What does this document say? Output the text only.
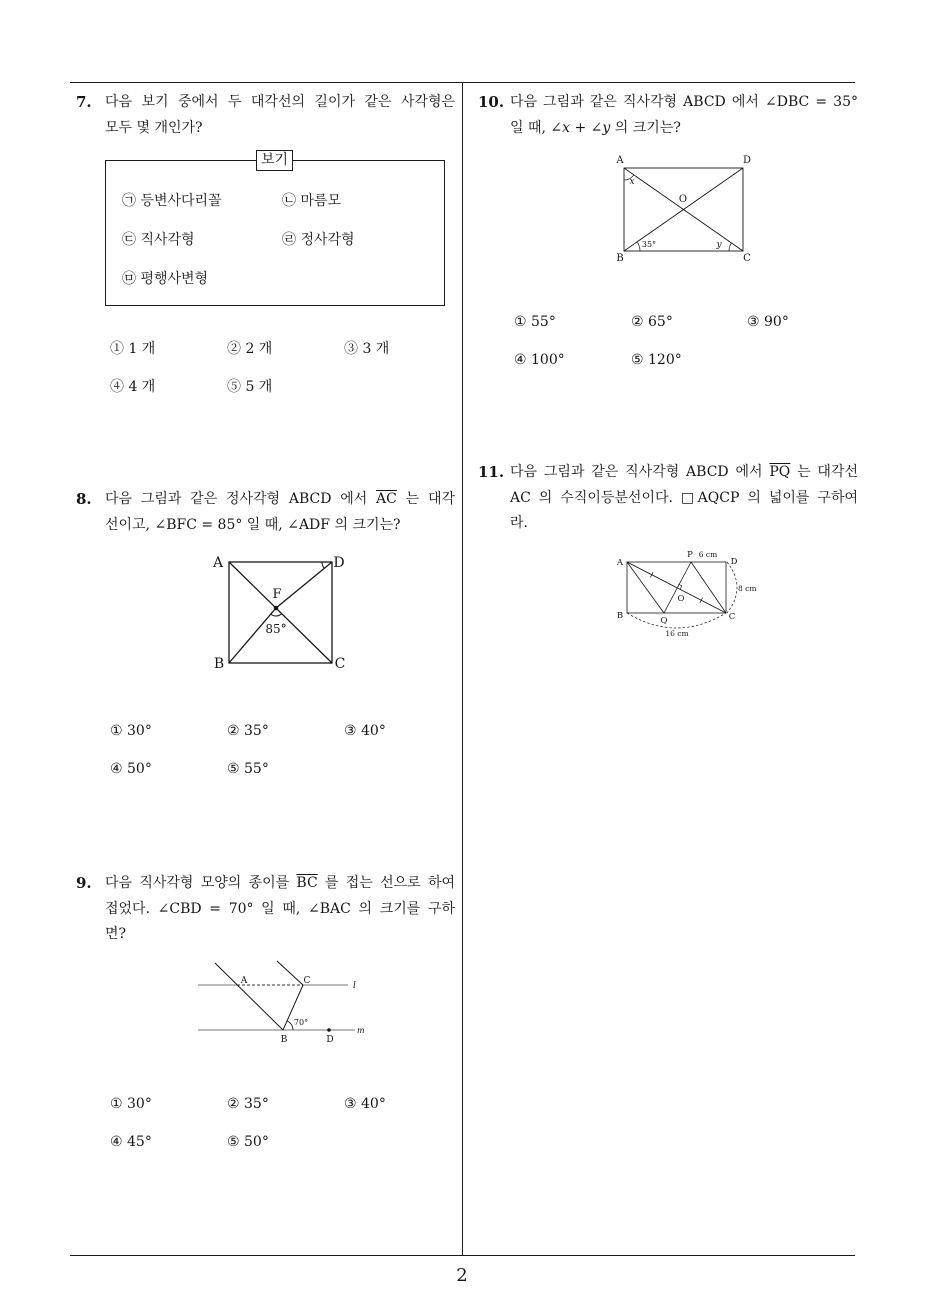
7. 다음 보기 중에서 두 대각선의 길이가 같은 사각형은
모두 몇 개인가?
보기
㉠ 등변사다리꼴	㉡ 마름모
㉢ 직사각형	㉣ 정사각형
㉤ 평행사변형
① 1 개	② 2 개	③ 3 개
④ 4 개	⑤ 5 개
8. 다음 그림과 같은 정사각형 ABCD 에서 $\overline{AC}$ 는 대각
선이고, ∠BFC = 85° 일 때, ∠ADF 의 크기는?
A	D
B	C
F
85°
① 30°	② 35°	③ 40°
④ 50°	⑤ 55°
9. 다음 직사각형 모양의 종이를 $\overline{BC}$ 를 접는 선으로 하여
접었다. ∠CBD = 70° 일 때, ∠BAC 의 크기를 구하
면?
A	C	l
m
B	D
70°
① 30°	② 35°	③ 40°
④ 45°	⑤ 50°
10. 다음 그림과 같은 직사각형 ABCD 에서 ∠DBC = 35°
일 때, ∠x + ∠y 의 크기는?
A	D
B	C
O
x
35°	y
① 55°	② 65°	③ 90°
④ 100°	⑤ 120°
11. 다음 그림과 같은 직사각형 ABCD 에서 $\overline{PQ}$ 는 대각선
AC 의 수직이등분선이다. □AQCP 의 넓이를 구하여
라.
A	D
B	C
P
Q
O
6 cm
8 cm
16 cm
2
